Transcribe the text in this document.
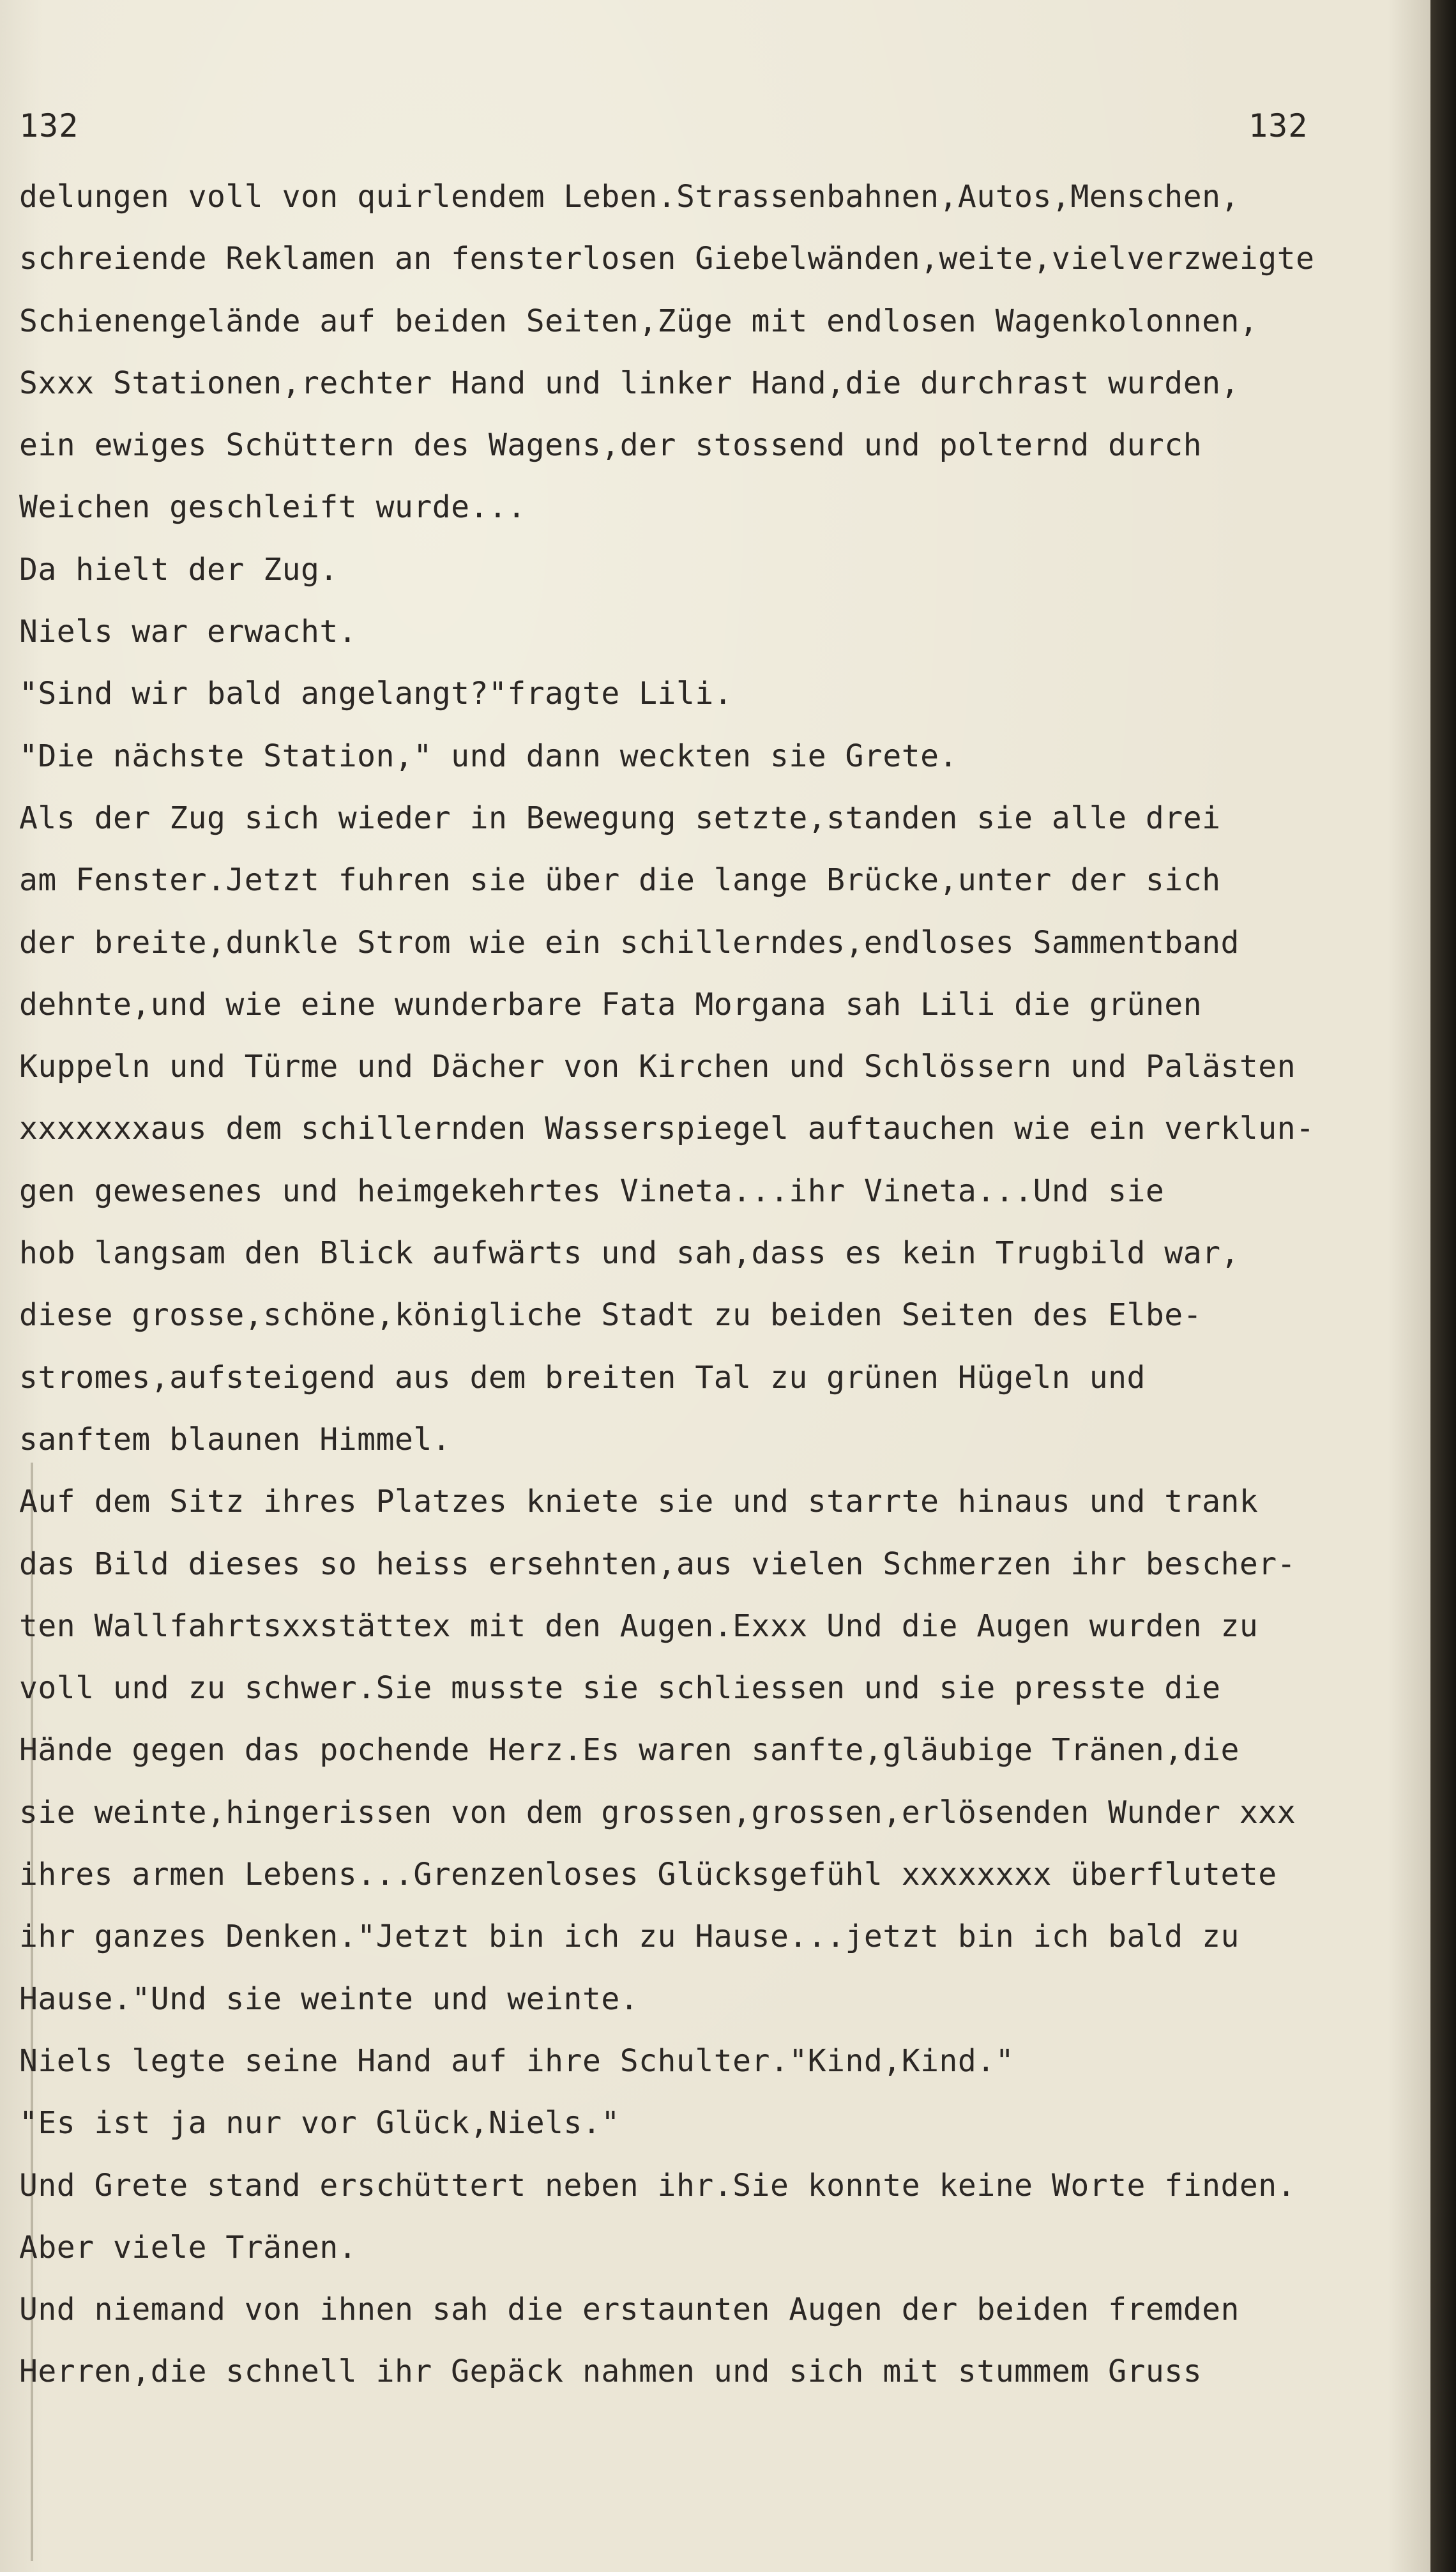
132	132
delungen voll von quirlendem Leben.Strassenbahnen,Autos,Menschen,
schreiende Reklamen an fensterlosen Giebelwänden,weite,vielverzweigte
Schienengelände auf beiden Seiten,Züge mit endlosen Wagenkolonnen,
Sxxx Stationen,rechter Hand und linker Hand,die durchrast wurden,
ein ewiges Schüttern des Wagens,der stossend und polternd durch
Weichen geschleift wurde...
Da hielt der Zug.
Niels war erwacht.
"Sind wir bald angelangt?"fragte Lili.
"Die nächste Station," und dann weckten sie Grete.
Als der Zug sich wieder in Bewegung setzte,standen sie alle drei
am Fenster.Jetzt fuhren sie über die lange Brücke,unter der sich
der breite,dunkle Strom wie ein schillerndes,endloses Sammentband
dehnte,und wie eine wunderbare Fata Morgana sah Lili die grünen
Kuppeln und Türme und Dächer von Kirchen und Schlössern und Palästen
xxxxxxxaus dem schillernden Wasserspiegel auftauchen wie ein verklun-
gen gewesenes und heimgekehrtes Vineta...ihr Vineta...Und sie
hob langsam den Blick aufwärts und sah,dass es kein Trugbild war,
diese grosse,schöne,königliche Stadt zu beiden Seiten des Elbe-
stromes,aufsteigend aus dem breiten Tal zu grünen Hügeln und
sanftem blaunen Himmel.
Auf dem Sitz ihres Platzes kniete sie und starrte hinaus und trank
das Bild dieses so heiss ersehnten,aus vielen Schmerzen ihr bescher-
ten Wallfahrtsxxstättex mit den Augen.Exxx Und die Augen wurden zu
voll und zu schwer.Sie musste sie schliessen und sie presste die
Hände gegen das pochende Herz.Es waren sanfte,gläubige Tränen,die
sie weinte,hingerissen von dem grossen,grossen,erlösenden Wunder xxx
ihres armen Lebens...Grenzenloses Glücksgefühl xxxxxxxx überflutete
ihr ganzes Denken."Jetzt bin ich zu Hause...jetzt bin ich bald zu
Hause."Und sie weinte und weinte.
Niels legte seine Hand auf ihre Schulter."Kind,Kind."
"Es ist ja nur vor Glück,Niels."
Und Grete stand erschüttert neben ihr.Sie konnte keine Worte finden.
Aber viele Tränen.
Und niemand von ihnen sah die erstaunten Augen der beiden fremden
Herren,die schnell ihr Gepäck nahmen und sich mit stummem Gruss
